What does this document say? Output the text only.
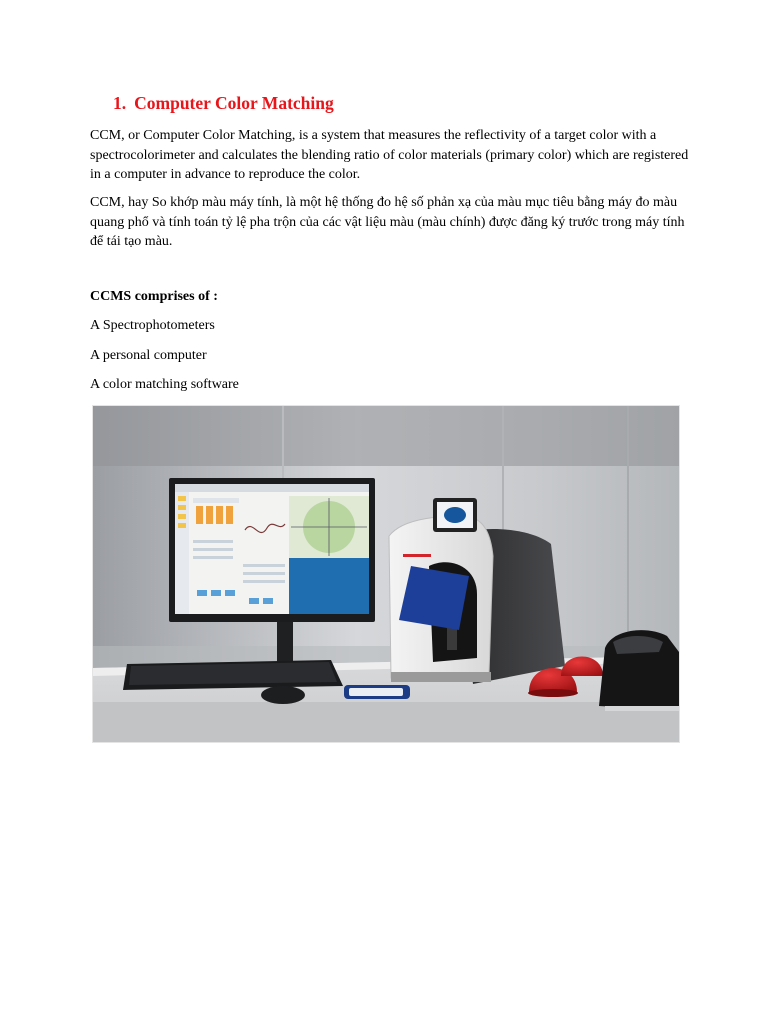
1. Computer Color Matching
CCM, or Computer Color Matching, is a system that measures the reflectivity of a target color with a spectrocolorimeter and calculates the blending ratio of color materials (primary color) which are registered in a computer in advance to reproduce the color.
CCM, hay So khớp màu máy tính, là một hệ thống đo hệ số phản xạ của màu mục tiêu bằng máy đo màu quang phổ và tính toán tỷ lệ pha trộn của các vật liệu màu (màu chính) được đăng ký trước trong máy tính để tái tạo màu.
CCMS comprises of :
A Spectrophotometers
A personal computer
A color matching software
